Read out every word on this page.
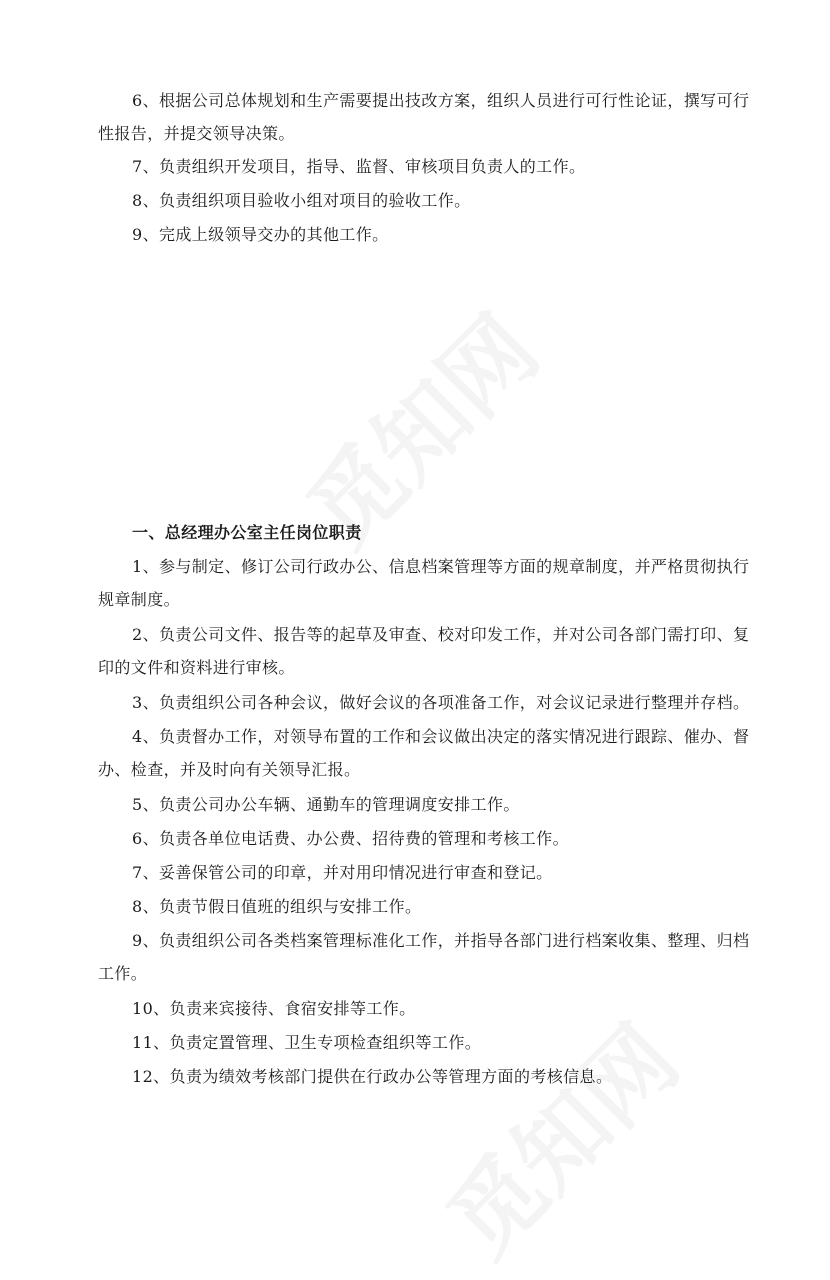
6、根据公司总体规划和生产需要提出技改方案，组织人员进行可行性论证，撰写可行性报告，并提交领导决策。

7、负责组织开发项目，指导、监督、审核项目负责人的工作。

8、负责组织项目验收小组对项目的验收工作。

9、完成上级领导交办的其他工作。

一、总经理办公室主任岗位职责

1、参与制定、修订公司行政办公、信息档案管理等方面的规章制度，并严格贯彻执行规章制度。

2、负责公司文件、报告等的起草及审查、校对印发工作，并对公司各部门需打印、复印的文件和资料进行审核。

3、负责组织公司各种会议，做好会议的各项准备工作，对会议记录进行整理并存档。

4、负责督办工作，对领导布置的工作和会议做出决定的落实情况进行跟踪、催办、督办、检查，并及时向有关领导汇报。

5、负责公司办公车辆、通勤车的管理调度安排工作。

6、负责各单位电话费、办公费、招待费的管理和考核工作。

7、妥善保管公司的印章，并对用印情况进行审查和登记。

8、负责节假日值班的组织与安排工作。

9、负责组织公司各类档案管理标准化工作，并指导各部门进行档案收集、整理、归档工作。

10、负责来宾接待、食宿安排等工作。

11、负责定置管理、卫生专项检查组织等工作。

12、负责为绩效考核部门提供在行政办公等管理方面的考核信息。
